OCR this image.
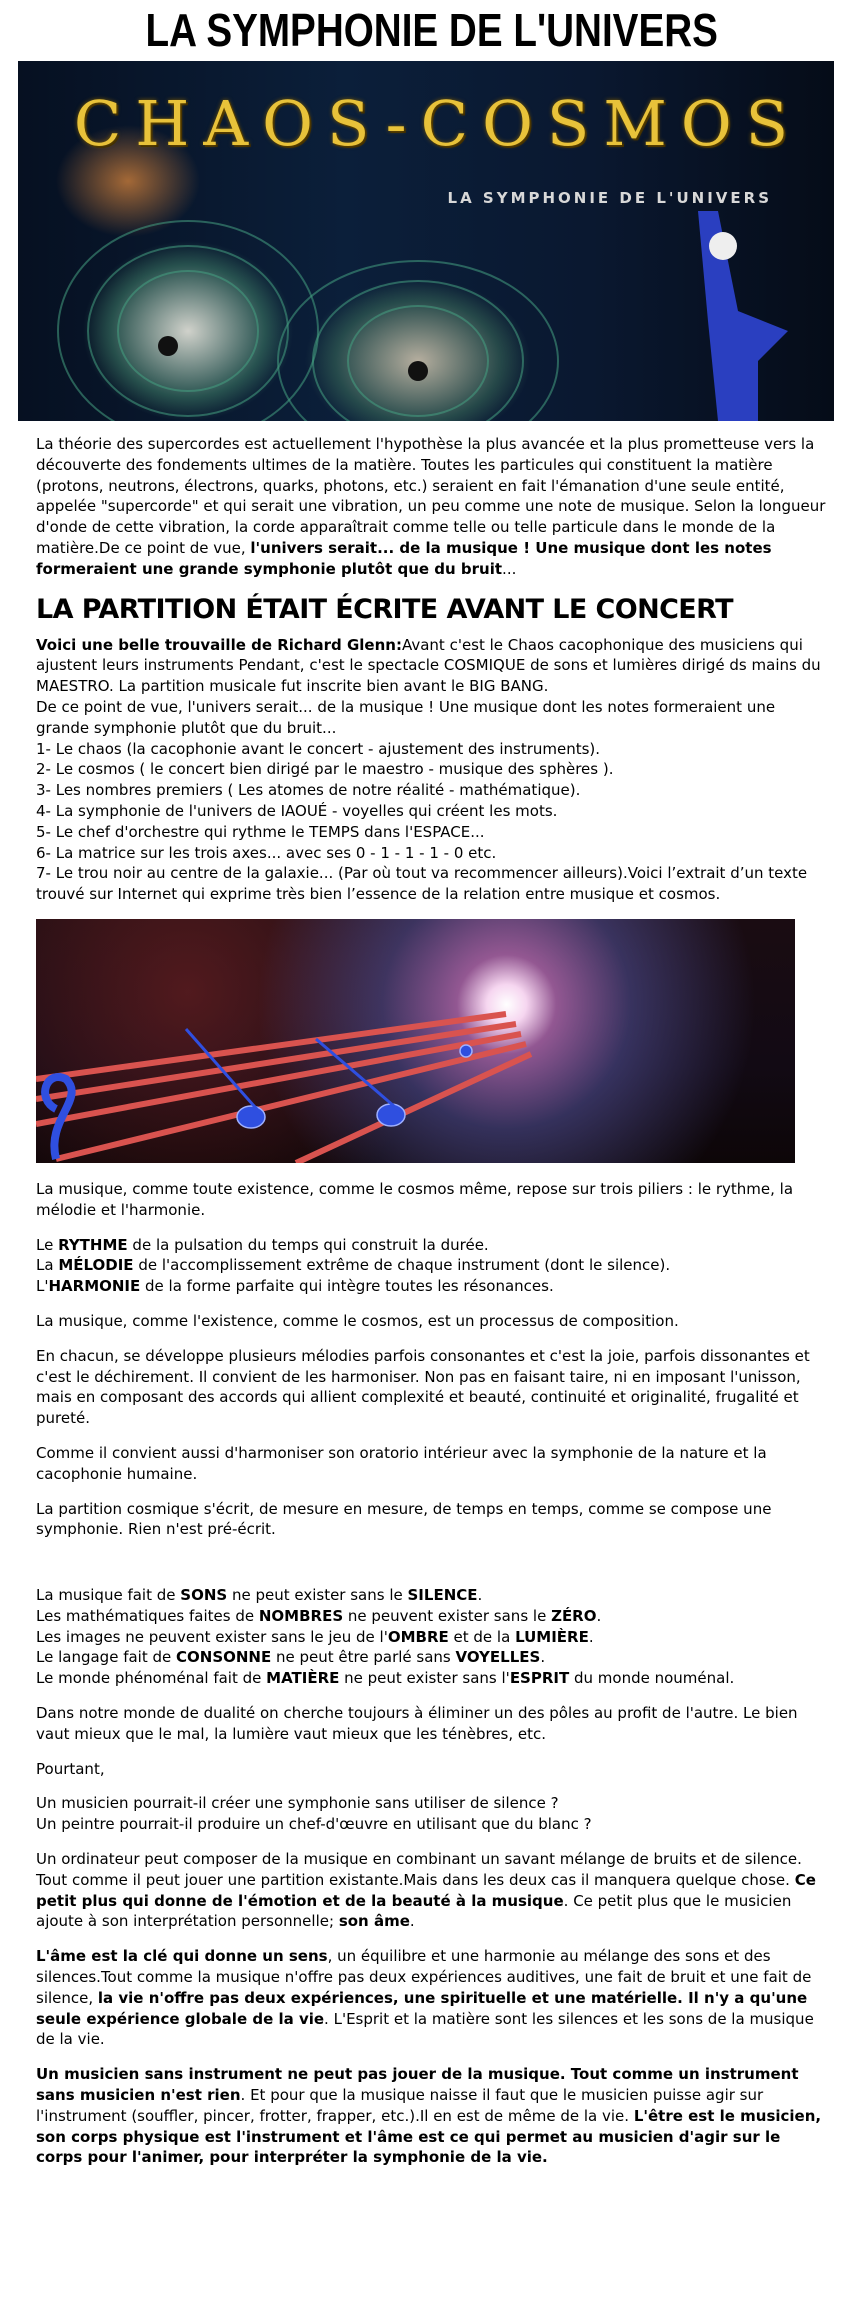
LA SYMPHONIE DE L'UNIVERS
CHAOS-COSMOS
LA SYMPHONIE DE L'UNIVERS

La théorie des supercordes est actuellement l'hypothèse la plus avancée et la plus prometteuse vers la découverte des fondements ultimes de la matière. Toutes les particules qui constituent la matière (protons, neutrons, électrons, quarks, photons, etc.) seraient en fait l'émanation d'une seule entité, appelée "supercorde" et qui serait une vibration, un peu comme une note de musique. Selon la longueur d'onde de cette vibration, la corde apparaîtrait comme telle ou telle particule dans le monde de la matière.De ce point de vue, l'univers serait... de la musique ! Une musique dont les notes formeraient une grande symphonie plutôt que du bruit...

LA PARTITION ÉTAIT ÉCRITE AVANT LE CONCERT

Voici une belle trouvaille de Richard Glenn:Avant c'est le Chaos cacophonique des musiciens qui ajustent leurs instruments Pendant, c'est le spectacle COSMIQUE de sons et lumières dirigé ds mains du MAESTRO. La partition musicale fut inscrite bien avant le BIG BANG.
De ce point de vue, l'univers serait... de la musique ! Une musique dont les notes formeraient une grande symphonie plutôt que du bruit...
1- Le chaos (la cacophonie avant le concert - ajustement des instruments).
2- Le cosmos ( le concert bien dirigé par le maestro - musique des sphères ).
3- Les nombres premiers ( Les atomes de notre réalité - mathématique).
4- La symphonie de l'univers de IAOUÉ - voyelles qui créent les mots.
5- Le chef d'orchestre qui rythme le TEMPS dans l'ESPACE...
6- La matrice sur les trois axes... avec ses 0 - 1 - 1 - 1 - 0 etc.
7- Le trou noir au centre de la galaxie... (Par où tout va recommencer ailleurs).Voici l’extrait d’un texte trouvé sur Internet qui exprime très bien l’essence de la relation entre musique et cosmos.

La musique, comme toute existence, comme le cosmos même, repose sur trois piliers : le rythme, la mélodie et l'harmonie.

Le RYTHME de la pulsation du temps qui construit la durée.
La MÉLODIE de l'accomplissement extrême de chaque instrument (dont le silence).
L'HARMONIE de la forme parfaite qui intègre toutes les résonances.

La musique, comme l'existence, comme le cosmos, est un processus de composition.

En chacun, se développe plusieurs mélodies parfois consonantes et c'est la joie, parfois dissonantes et c'est le déchirement. Il convient de les harmoniser. Non pas en faisant taire, ni en imposant l'unisson, mais en composant des accords qui allient complexité et beauté, continuité et originalité, frugalité et pureté.

Comme il convient aussi d'harmoniser son oratorio intérieur avec la symphonie de la nature et la cacophonie humaine.

La partition cosmique s'écrit, de mesure en mesure, de temps en temps, comme se compose une symphonie. Rien n'est pré-écrit.

La musique fait de SONS ne peut exister sans le SILENCE.
Les mathématiques faites de NOMBRES ne peuvent exister sans le ZÉRO.
Les images ne peuvent exister sans le jeu de l'OMBRE et de la LUMIÈRE.
Le langage fait de CONSONNE ne peut être parlé sans VOYELLES.
Le monde phénoménal fait de MATIÈRE ne peut exister sans l'ESPRIT du monde nouménal.

Dans notre monde de dualité on cherche toujours à éliminer un des pôles au profit de l'autre. Le bien vaut mieux que le mal, la lumière vaut mieux que les ténèbres, etc.

Pourtant,

Un musicien pourrait-il créer une symphonie sans utiliser de silence ?
Un peintre pourrait-il produire un chef-d'œuvre en utilisant que du blanc ?

Un ordinateur peut composer de la musique en combinant un savant mélange de bruits et de silence. Tout comme il peut jouer une partition existante.Mais dans les deux cas il manquera quelque chose. Ce petit plus qui donne de l'émotion et de la beauté à la musique. Ce petit plus que le musicien ajoute à son interprétation personnelle; son âme.

L'âme est la clé qui donne un sens, un équilibre et une harmonie au mélange des sons et des silences.Tout comme la musique n'offre pas deux expériences auditives, une fait de bruit et une fait de silence, la vie n'offre pas deux expériences, une spirituelle et une matérielle. Il n'y a qu'une seule expérience globale de la vie. L'Esprit et la matière sont les silences et les sons de la musique de la vie.

Un musicien sans instrument ne peut pas jouer de la musique. Tout comme un instrument sans musicien n'est rien. Et pour que la musique naisse il faut que le musicien puisse agir sur l'instrument (souffler, pincer, frotter, frapper, etc.).Il en est de même de la vie. L'être est le musicien, son corps physique est l'instrument et l'âme est ce qui permet au musicien d'agir sur le corps pour l'animer, pour interpréter la symphonie de la vie.
